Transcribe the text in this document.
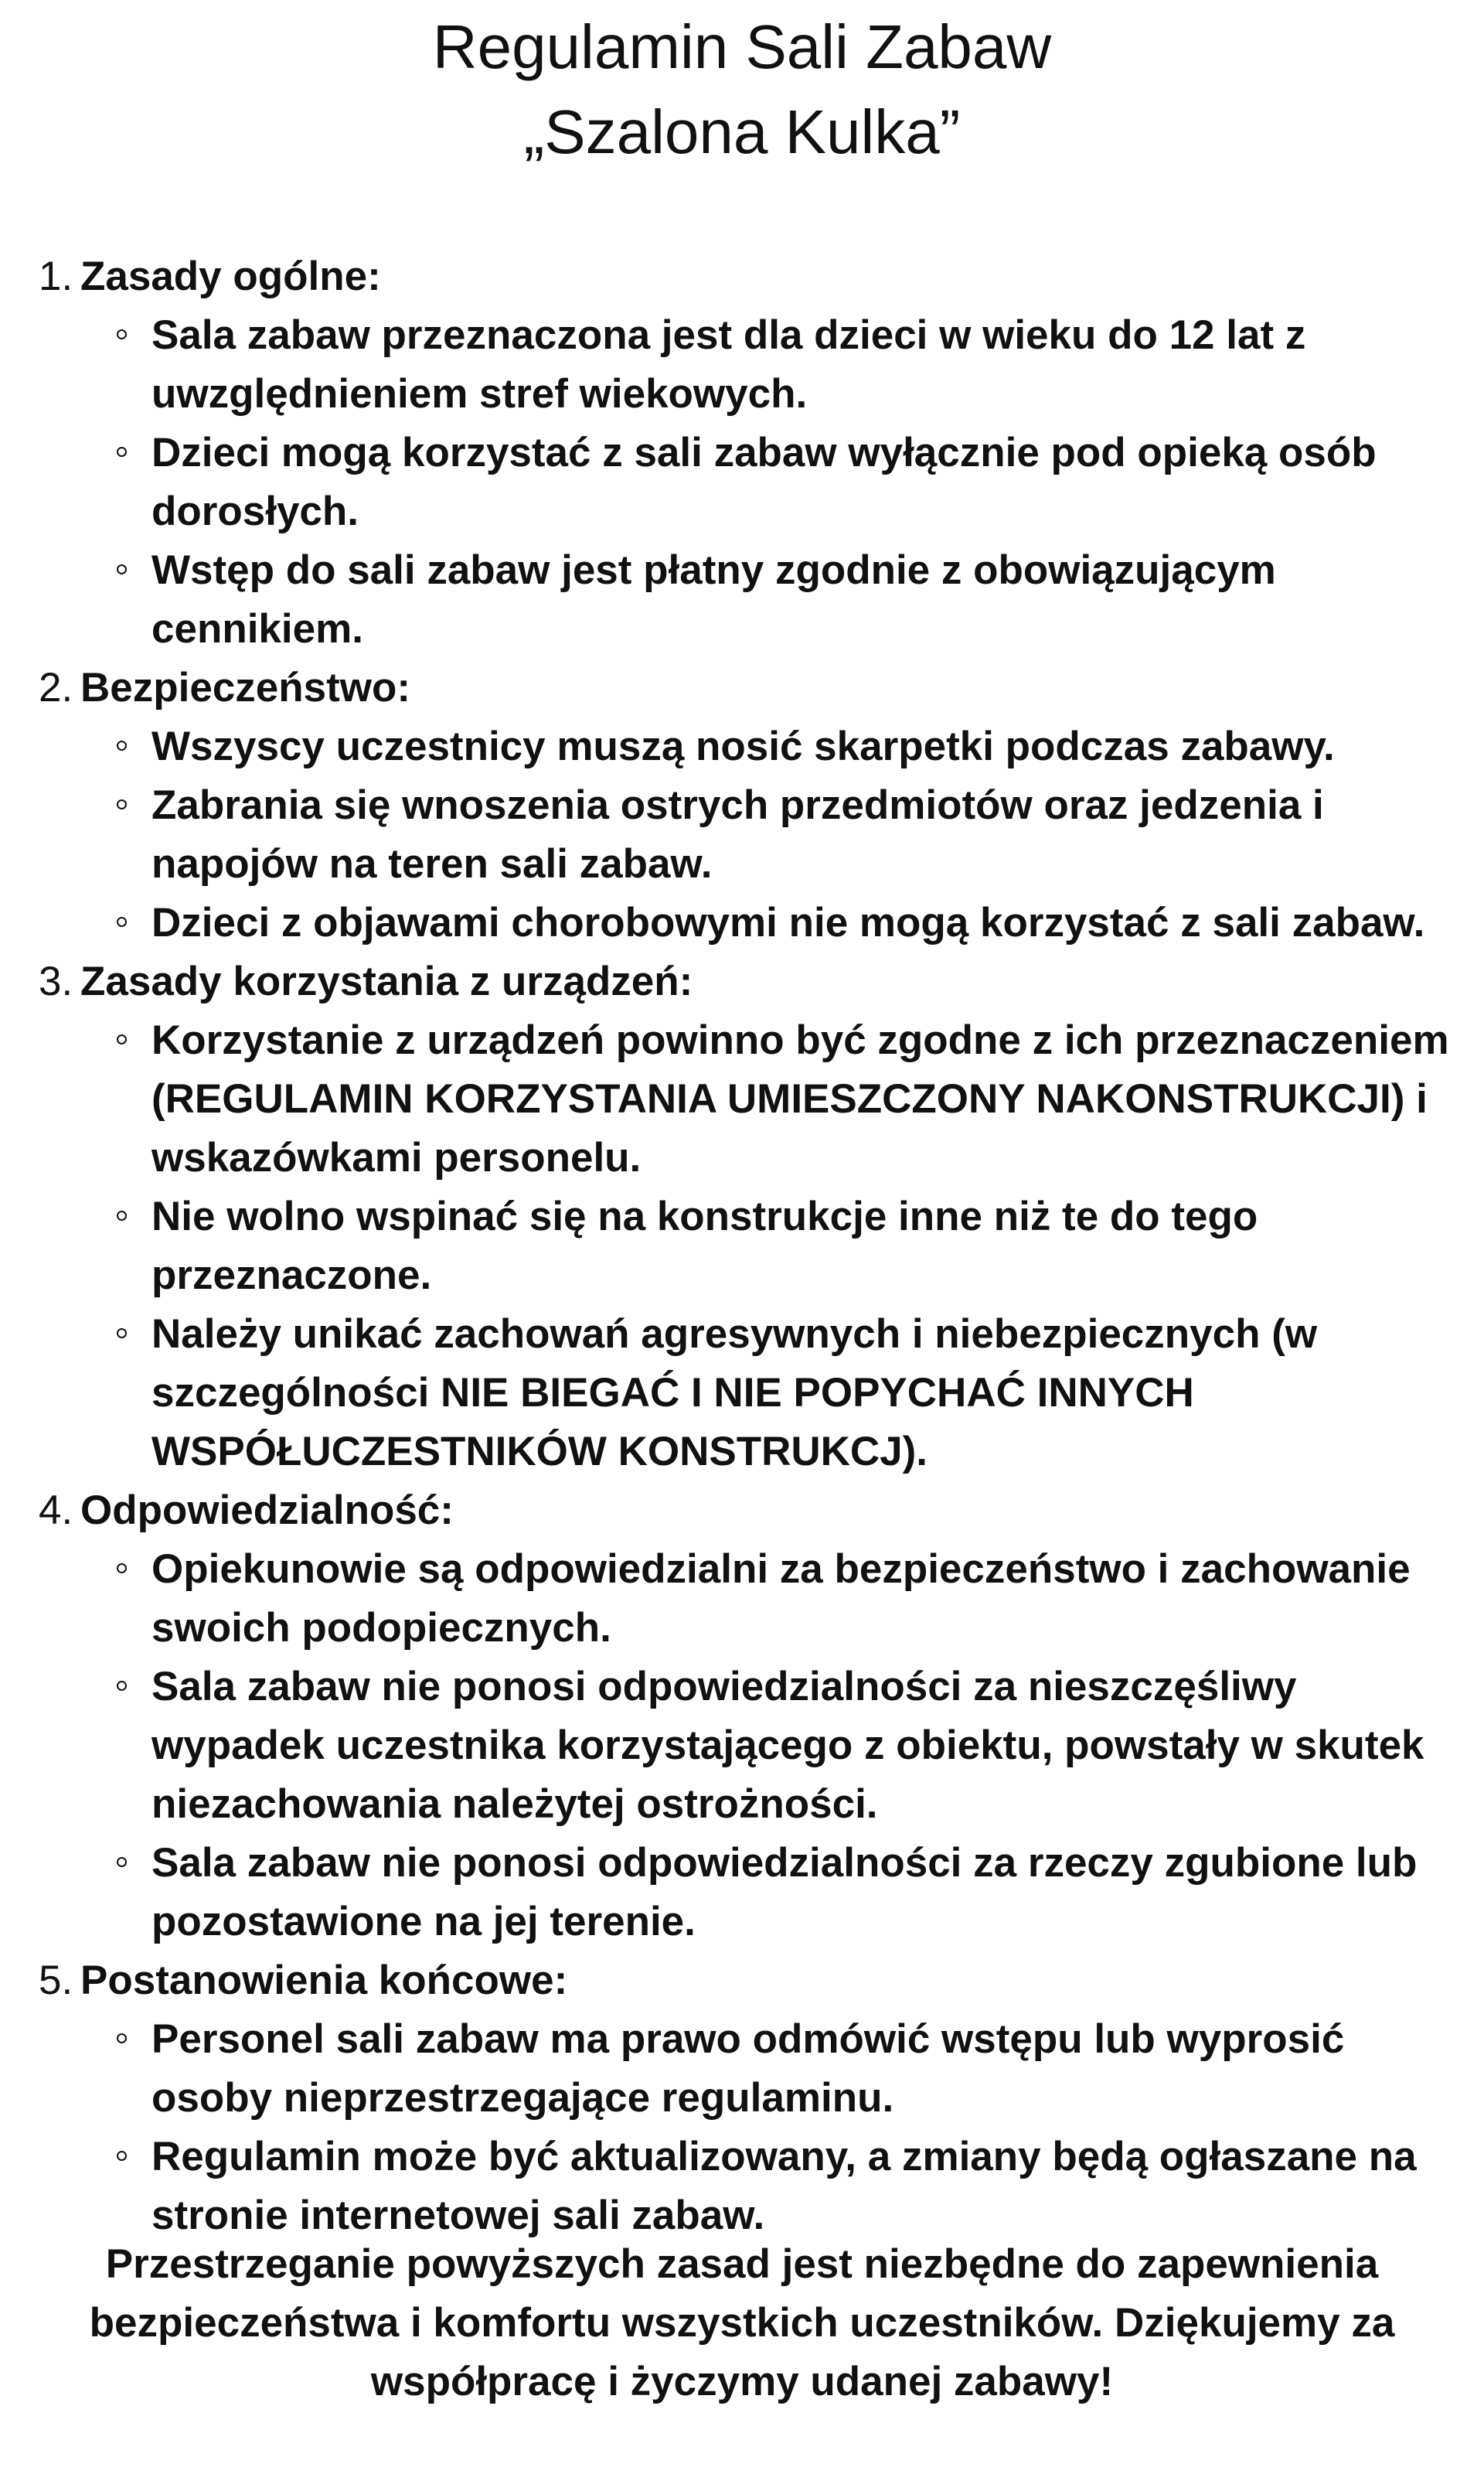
Regulamin Sali Zabaw
„Szalona Kulka”
1. Zasady ogólne:
Sala zabaw przeznaczona jest dla dzieci w wieku do 12 lat z uwzględnieniem stref wiekowych.
Dzieci mogą korzystać z sali zabaw wyłącznie pod opieką osób dorosłych.
Wstęp do sali zabaw jest płatny zgodnie z obowiązującym cennikiem.
2. Bezpieczeństwo:
Wszyscy uczestnicy muszą nosić skarpetki podczas zabawy.
Zabrania się wnoszenia ostrych przedmiotów oraz jedzenia i napojów na teren sali zabaw.
Dzieci z objawami chorobowymi nie mogą korzystać z sali zabaw.
3. Zasady korzystania z urządzeń:
Korzystanie z urządzeń powinno być zgodne z ich przeznaczeniem (REGULAMIN KORZYSTANIA UMIESZCZONY NAKONSTRUKCJI) i wskazówkami personelu.
Nie wolno wspinać się na konstrukcje inne niż te do tego przeznaczone.
Należy unikać zachowań agresywnych i niebezpiecznych (w szczególności NIE BIEGAĆ I NIE POPYCHAĆ INNYCH WSPÓŁUCZESTNIKÓW KONSTRUKCJ).
4. Odpowiedzialność:
Opiekunowie są odpowiedzialni za bezpieczeństwo i zachowanie swoich podopiecznych.
Sala zabaw nie ponosi odpowiedzialności za nieszczęśliwy wypadek uczestnika korzystającego z obiektu, powstały w skutek niezachowania należytej ostrożności.
Sala zabaw nie ponosi odpowiedzialności za rzeczy zgubione lub pozostawione na jej terenie.
5. Postanowienia końcowe:
Personel sali zabaw ma prawo odmówić wstępu lub wyprosić osoby nieprzestrzegające regulaminu.
Regulamin może być aktualizowany, a zmiany będą ogłaszane na stronie internetowej sali zabaw.

Przestrzeganie powyższych zasad jest niezbędne do zapewnienia bezpieczeństwa i komfortu wszystkich uczestników. Dziękujemy za współpracę i życzymy udanej zabawy!
